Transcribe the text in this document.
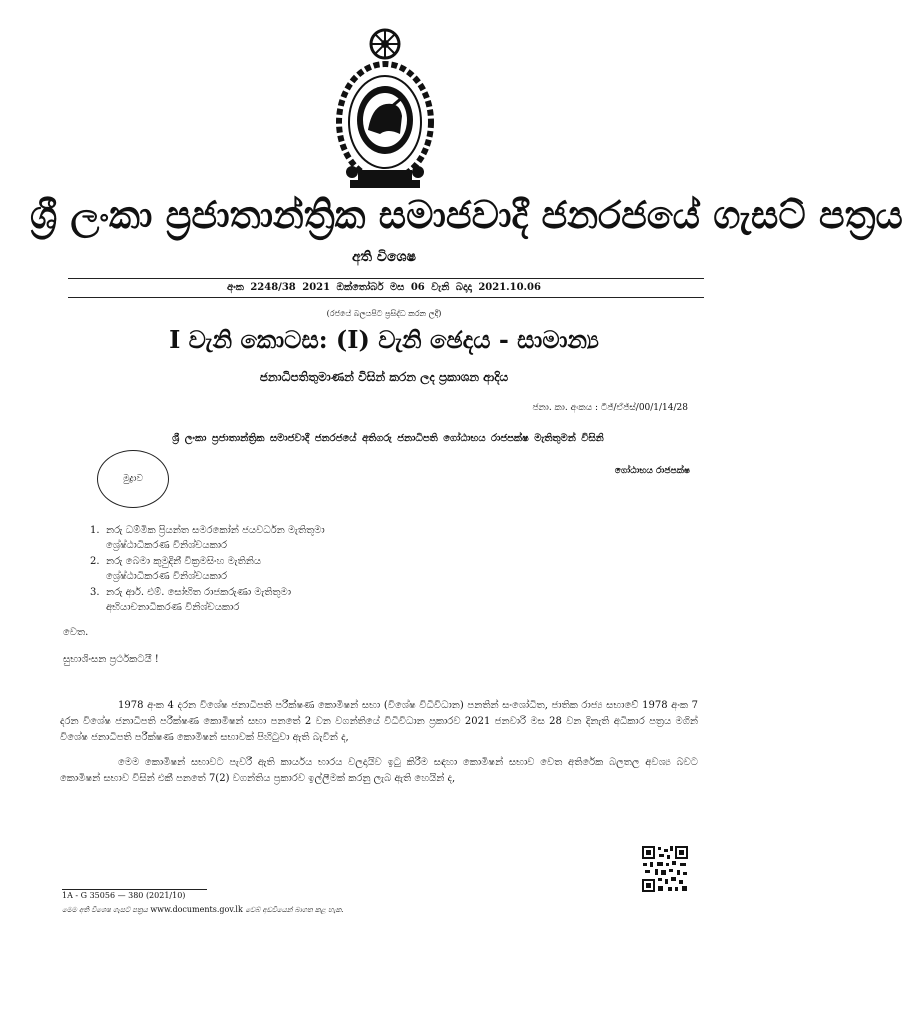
ශ්‍රී ලංකා ප්‍රජාතාන්ත්‍රික සමාජවාදී ජනරජයේ ගැසට් පත්‍රය
අති විශෙෂ
අංක 2248/38 2021 ඔක්තෝබර් මස 06 වැනි බදාදා 2021.10.06
(රජයේ බලයපිට ප්‍රසිද්ධ කරන ලදී)
I වැනි කොටස: (I) වැනි ඡෙදය - සාමාන්‍ය
ජනාධිපතිතුමාණන් විසින් කරන ලද ප්‍රකාශන ආදිය
ජනා. කා. අංකය : ටීජ්/ඒජ්ස්/00/1/14/28
ශ්‍රී ලංකා ප්‍රජාතාන්ත්‍රික සමාජවාදී ජනරජයේ අතිගරු ජනාධිපති ගෝඨාභය රාජපක්ෂ මැතිතුමන් විසිනි
මුද්‍රාව
ගෝඨාභය රාජපක්ෂ
1. නරු ධම්මික ප්‍රියන්ත සමරකෝන් ජයවර්ධන මැතිතුමා
ශ්‍රේෂ්ඨාධිකරණ විනිශ්චයකාර
2. නරු බෙමා කුමුදිනී වික්‍රමසිංහ මැතිනිය
ශ්‍රේෂ්ඨාධිකරණ විනිශ්චයකාර
3. නරු ආර්. එම්. සෝභිත රාජකරුණා මැතිතුමා
අභියාචනාධිකරණ විනිශ්චයකාර
වෙත.
සුභාශිංසන ප්‍රර්ථකටයී !

1978 අංක 4 දරන විශේෂ ජනාධිපති පරීක්ෂණ කොමිෂන් සභා (විශේෂ විධිවිධාන) පනතින් සංශෝධිත, ජාතික රාජ්‍ය සභාවේ 1978 අංක 7 දරන විශේෂ ජනාධිපති පරීක්ෂණ කොමිෂන් සභා පනතේ 2 වන වගන්තියේ විධිවිධාන ප්‍රකාරව 2021 ජනවාරි මස 28 වන දිනැති අධිකාර පත්‍රය මගින් විශේෂ ජනාධිපති පරීක්ෂණ කොමිෂන් සභාවක් පිහිටුවා ඇති බැවින් ද,

මෙම කොමිෂන් සභාවට පැවරී ඇති කාර්යය භාරය වලදායිව ඉටු කිරීම සඳහා කොමිෂන් සභාව වෙත අතිරේක බලතල අවශ්‍ය බවට කොමිෂන් සභාව විසින් එකී පනතේ 7(2) වගන්තිය ප්‍රකාරව ඉල්ලීමක් කරනු ලැබ ඇති හෙයින් ද,

1A - G 35056 — 380 (2021/10)
මෙම අති විශෙෂ ගැසට් පත්‍රය www.documents.gov.lk වෙබ් අඩවියෙන් බාගත කළ හැක.
